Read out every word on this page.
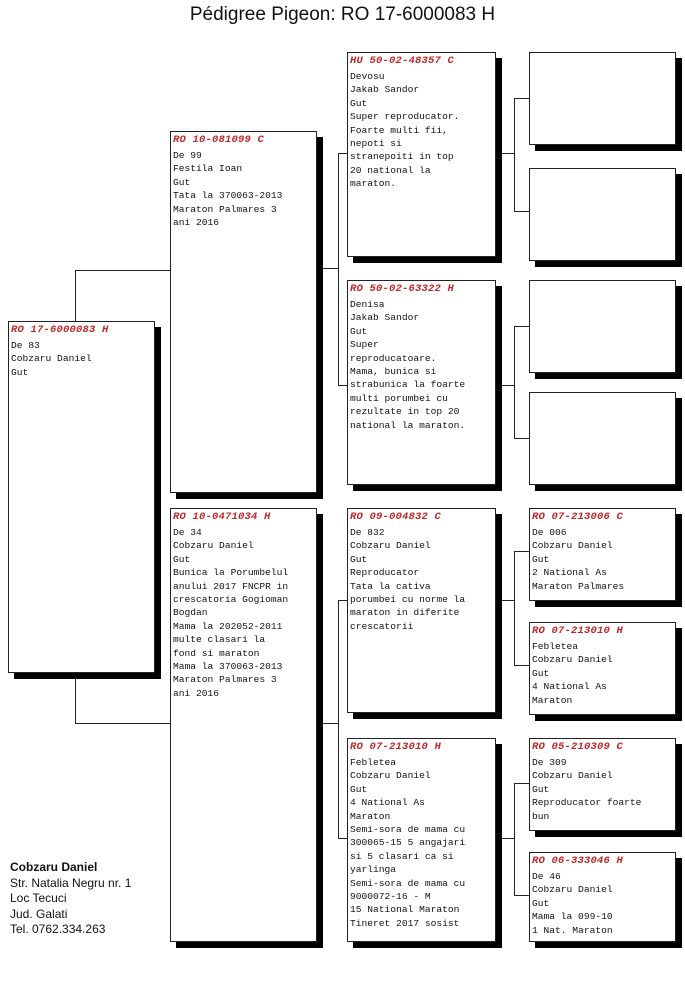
Pédigree Pigeon: RO 17-6000083 H
RO 17-6000083 H
De 83
Cobzaru Daniel
Gut
RO 10-081099 C
De 99
Festila Ioan
Gut
Tata la 370063-2013
Maraton Palmares 3
ani 2016
RO 10-0471034 H
De 34
Cobzaru Daniel
Gut
Bunica la Porumbelul
anului 2017 FNCPR in
crescatoria Gogioman
Bogdan
Mama la 202052-2011
multe clasari la
fond si maraton
Mama la 370063-2013
Maraton Palmares 3
ani 2016
HU 50-02-48357 C
Devosu
Jakab Sandor
Gut
Super reproducator.
Foarte multi fii,
nepoti si
stranepoiti in top
20 national la
maraton.
RO 50-02-63322 H
Denisa
Jakab Sandor
Gut
Super
reproducatoare.
Mama, bunica si
strabunica la foarte
multi porumbei cu
rezultate in top 20
national la maraton.
RO 09-004832 C
De 832
Cobzaru Daniel
Gut
Reproducator
Tata la cativa
porumbei cu norme la
maraton in diferite
crescatorii
RO 07-213010 H
Febletea
Cobzaru Daniel
Gut
4 National As
Maraton
Semi-sora de mama cu
300065-15 5 angajari
si 5 clasari ca si
yarlinga
Semi-sora de mama cu
9000072-16 - M
15 National Maraton
Tineret 2017 sosist
RO 07-213006 C
De 006
Cobzaru Daniel
Gut
2 National As
Maraton Palmares
RO 07-213010 H
Febletea
Cobzaru Daniel
Gut
4 National As
Maraton
RO 05-210309 C
De 309
Cobzaru Daniel
Gut
Reproducator foarte
bun
RO 06-333046 H
De 46
Cobzaru Daniel
Gut
Mama la 099-10
1 Nat. Maraton
Cobzaru Daniel
Str. Natalia Negru nr. 1
Loc Tecuci
Jud. Galati
Tel. 0762.334.263
